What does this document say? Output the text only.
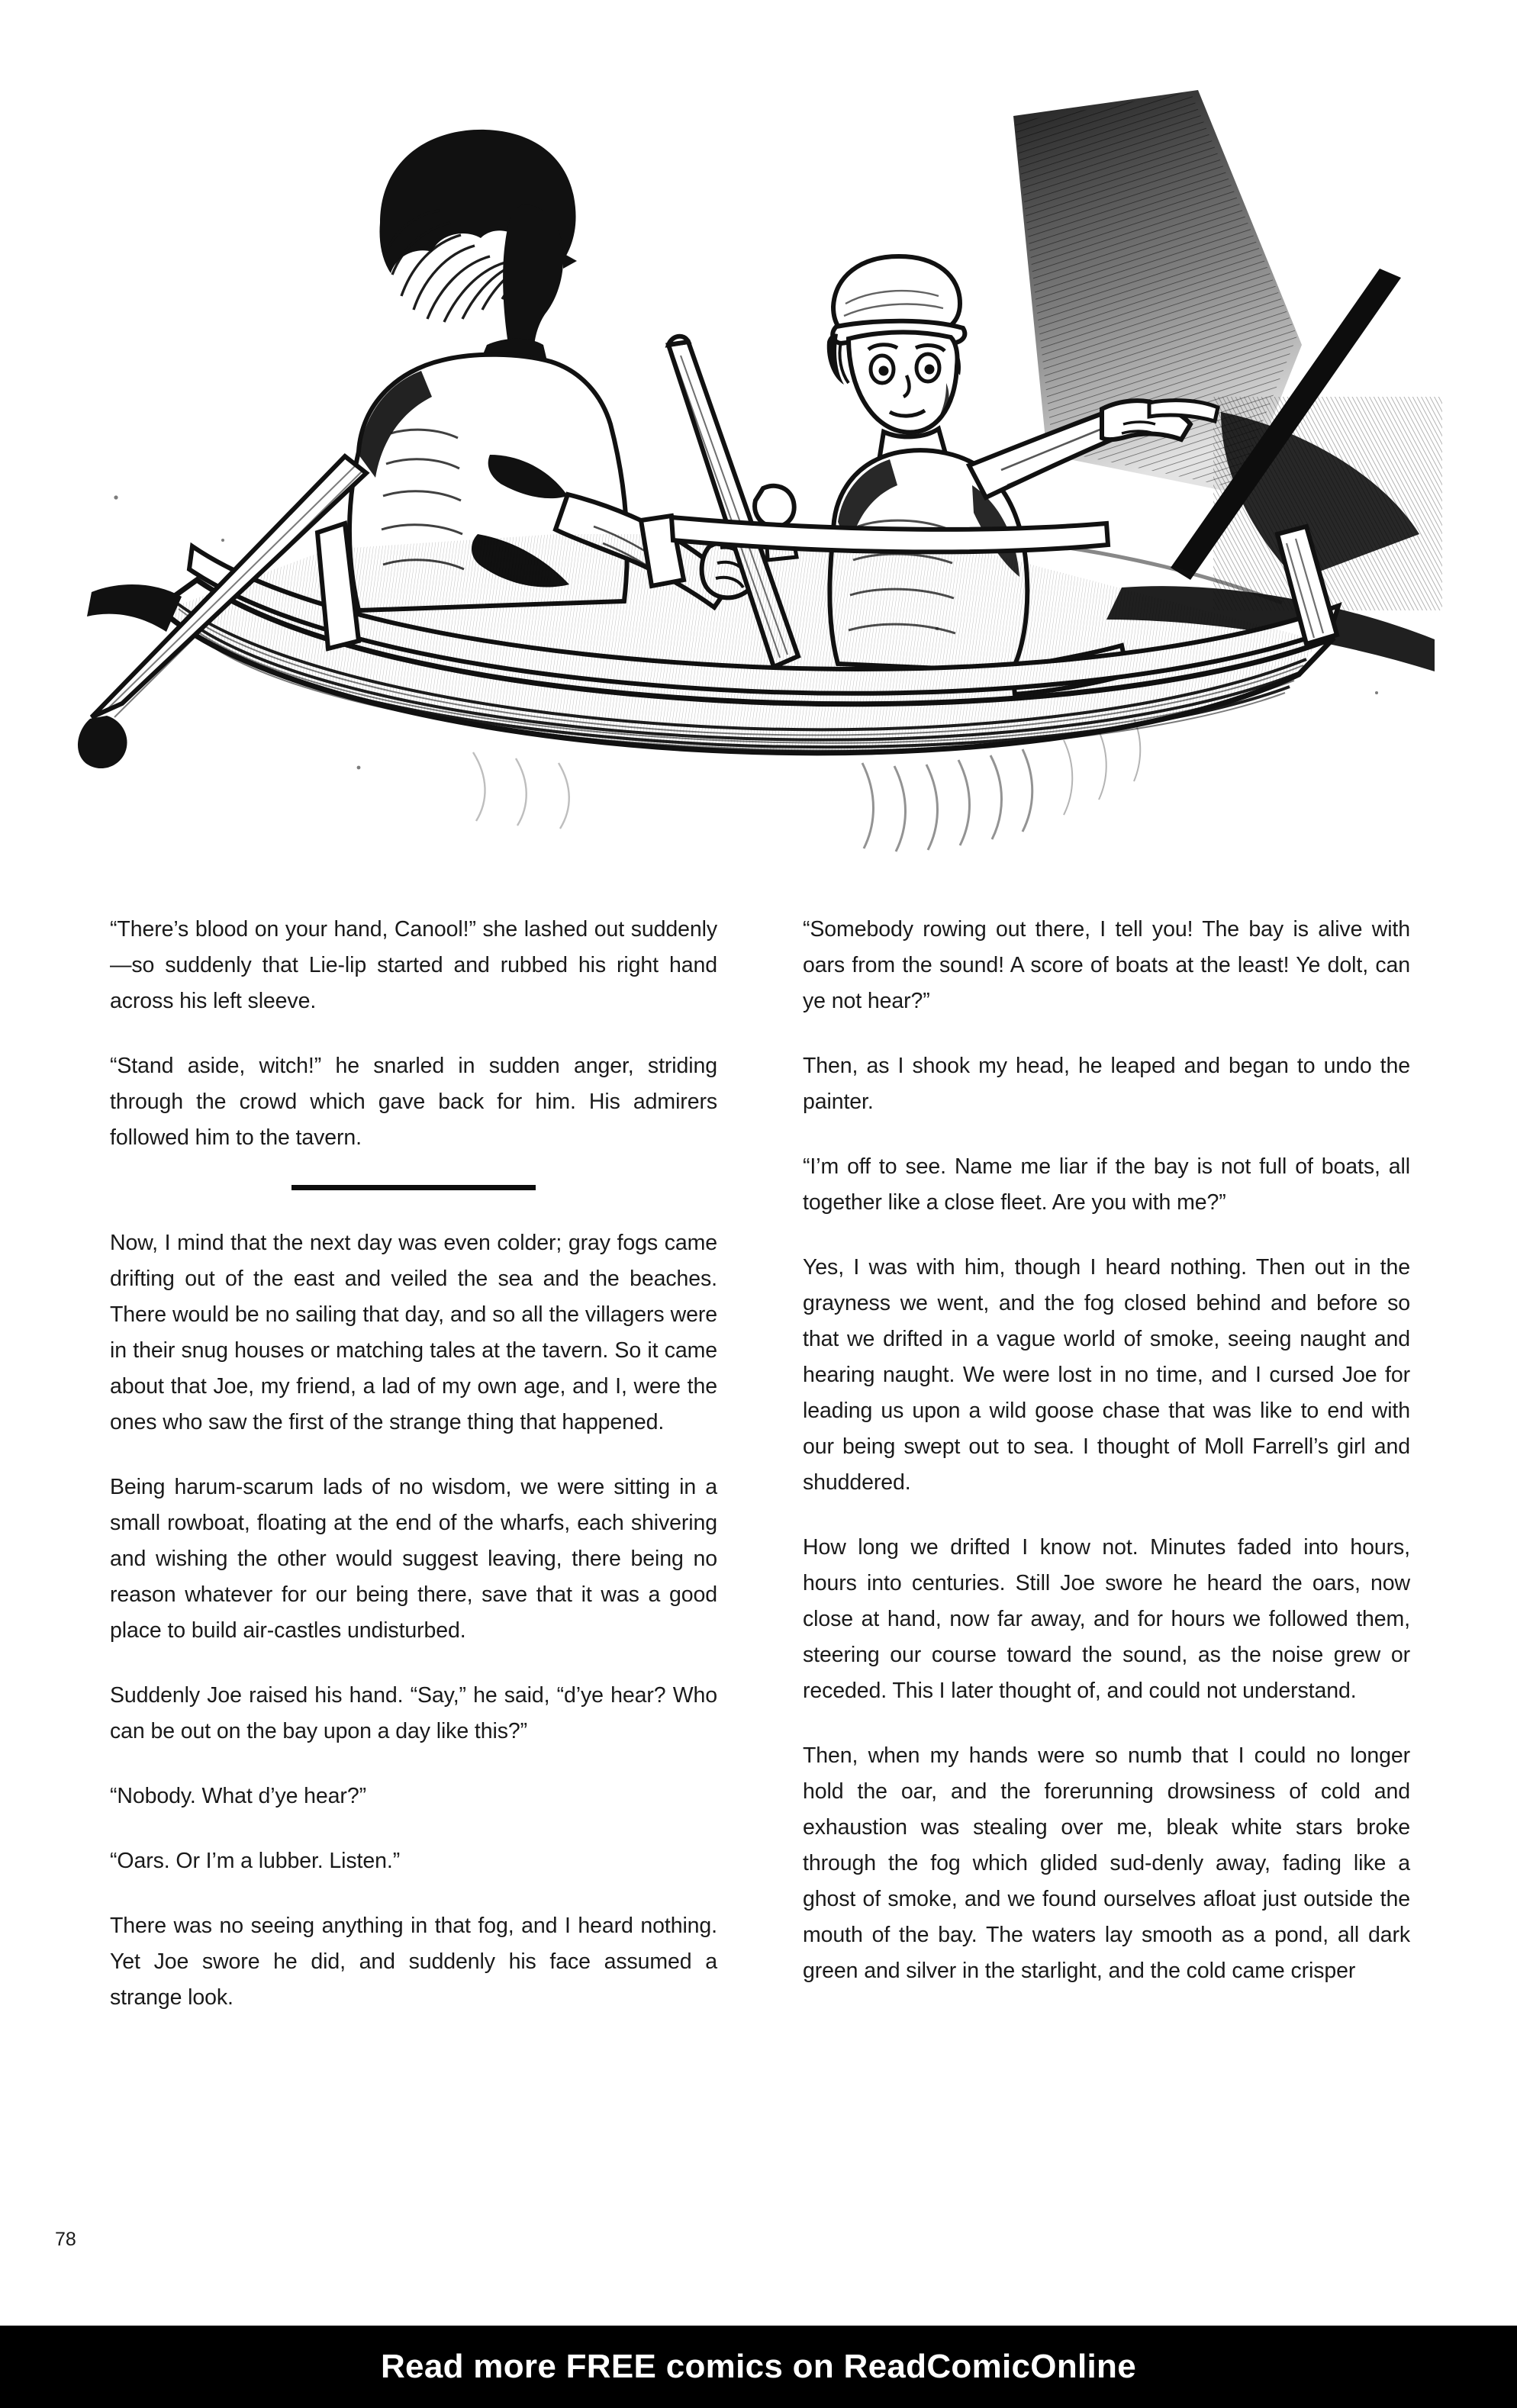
“There’s blood on your hand, Canool!” she lashed out suddenly—so suddenly that Lie-lip started and rubbed his right hand across his left sleeve.

“Stand aside, witch!” he snarled in sudden anger, striding through the crowd which gave back for him. His admirers followed him to the tavern.

Now, I mind that the next day was even colder; gray fogs came drifting out of the east and veiled the sea and the beaches. There would be no sailing that day, and so all the villagers were in their snug houses or matching tales at the tavern. So it came about that Joe, my friend, a lad of my own age, and I, were the ones who saw the first of the strange thing that happened.

Being harum-scarum lads of no wisdom, we were sitting in a small rowboat, floating at the end of the wharfs, each shivering and wishing the other would suggest leaving, there being no reason whatever for our being there, save that it was a good place to build air-castles undisturbed.

Suddenly Joe raised his hand. “Say,” he said, “d’ye hear? Who can be out on the bay upon a day like this?”

“Nobody. What d’ye hear?”

“Oars. Or I’m a lubber. Listen.”

There was no seeing anything in that fog, and I heard nothing. Yet Joe swore he did, and suddenly his face assumed a strange look.

“Somebody rowing out there, I tell you! The bay is alive with oars from the sound! A score of boats at the least! Ye dolt, can ye not hear?”

Then, as I shook my head, he leaped and began to undo the painter.

“I’m off to see. Name me liar if the bay is not full of boats, all together like a close fleet. Are you with me?”

Yes, I was with him, though I heard nothing. Then out in the grayness we went, and the fog closed behind and before so that we drifted in a vague world of smoke, seeing naught and hearing naught. We were lost in no time, and I cursed Joe for leading us upon a wild goose chase that was like to end with our being swept out to sea. I thought of Moll Farrell’s girl and shuddered.

How long we drifted I know not. Minutes faded into hours, hours into centuries. Still Joe swore he heard the oars, now close at hand, now far away, and for hours we followed them, steering our course toward the sound, as the noise grew or receded. This I later thought of, and could not understand.

Then, when my hands were so numb that I could no longer hold the oar, and the forerunning drowsiness of cold and exhaustion was stealing over me, bleak white stars broke through the fog which glided sud-denly away, fading like a ghost of smoke, and we found ourselves afloat just outside the mouth of the bay. The waters lay smooth as a pond, all dark green and silver in the starlight, and the cold came crisper

78
Read more FREE comics on ReadComicOnline
